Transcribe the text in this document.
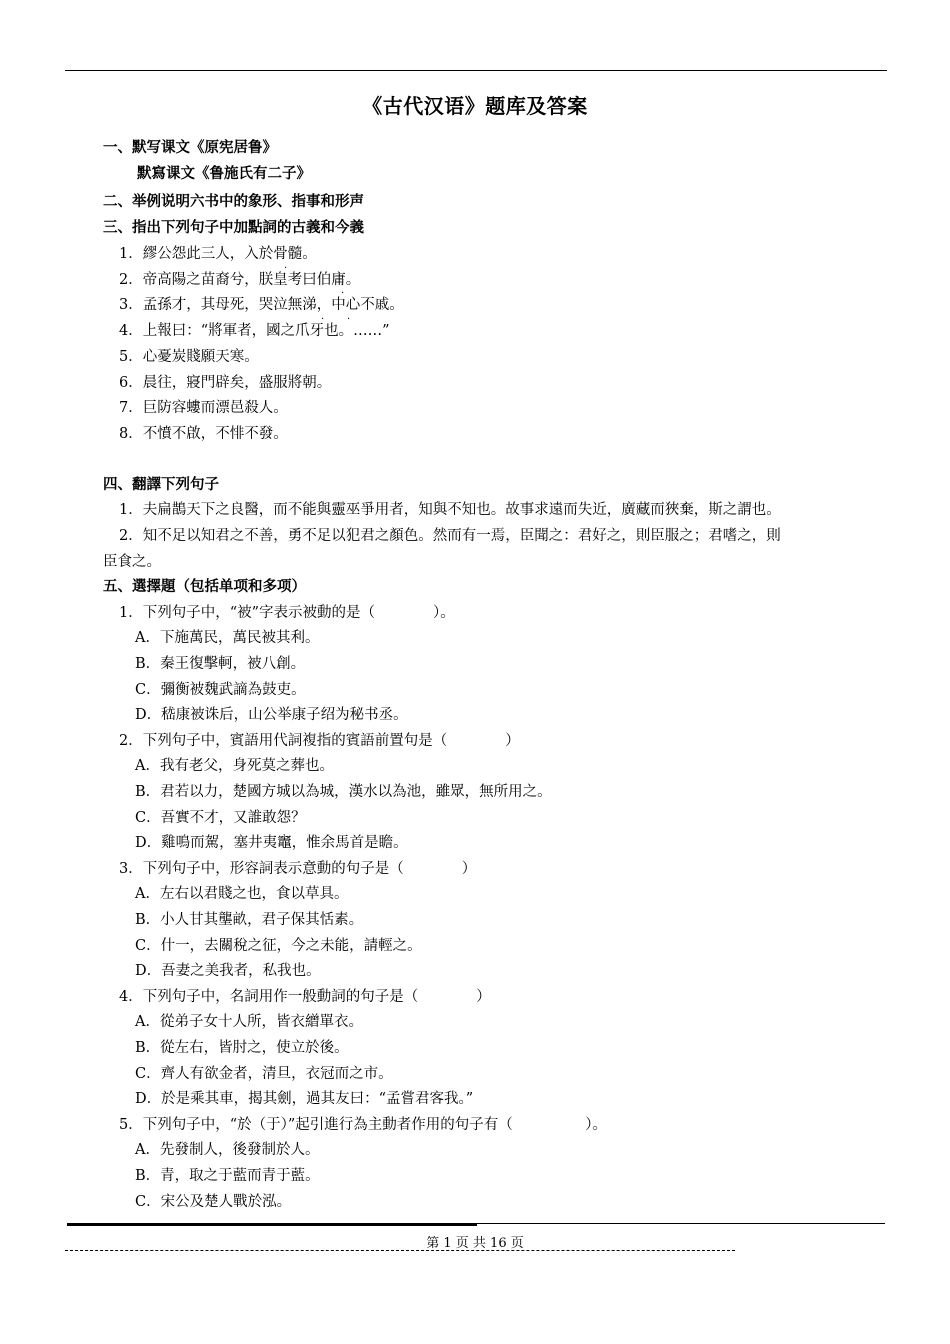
《古代汉语》题库及答案
一、默写课文《原宪居鲁》
默寫课文《鲁施氏有二子》
二、举例说明六书中的象形、指事和形声
三、指出下列句子中加點詞的古義和今義
1．繆公怨此三人，入於骨髓。
2．帝高陽之苗裔兮，朕皇考曰伯庸。
·
3．孟孫才，其母死，哭泣無涕，中心不戚。
·
4．上報曰：“將軍者，國之爪牙也。……”
· ·
5．心憂炭賤願天寒。
6．晨往，寢門辟矣，盛服將朝。
7．巨防容螻而漂邑殺人。
8．不憤不啟，不悱不發。
四、翻譯下列句子
1．夫扁鵲天下之良醫，而不能與靈巫爭用者，知與不知也。故事求遠而失近，廣藏而狹棄，斯之謂也。
2．知不足以知君之不善，勇不足以犯君之顏色。然而有一焉，臣聞之：君好之，則臣服之；君嗜之，則
臣食之。
五、選擇題（包括单项和多项）
1．下列句子中，“被”字表示被動的是（　　　　）。
A．下施萬民，萬民被其利。
B．秦王復擊軻，被八創。
C．彌衡被魏武謫為鼓吏。
D．嵇康被诛后，山公举康子绍为秘书丞。
2．下列句子中，賓語用代詞複指的賓語前置句是（　　　　）
A．我有老父，身死莫之葬也。
B．君若以力，楚國方城以為城，漢水以為池，雖眾，無所用之。
C．吾實不才，又誰敢怨？
D．雞鳴而駕，塞井夷竈，惟余馬首是瞻。
3．下列句子中，形容詞表示意動的句子是（　　　　）
A．左右以君賤之也，食以草具。
B．小人甘其壟畝，君子保其恬素。
C．什一，去關稅之征，今之未能，請輕之。
D．吾妻之美我者，私我也。
4．下列句子中，名詞用作一般動詞的句子是（　　　　）
A．從弟子女十人所，皆衣繒單衣。
B．從左右，皆肘之，使立於後。
C．齊人有欲金者，清旦，衣冠而之市。
D．於是乘其車，揭其劍，過其友曰：“孟嘗君客我。”
5．下列句子中，“於（于）”起引進行為主動者作用的句子有（　　　　　）。
A．先發制人，後發制於人。
B．青，取之于藍而青于藍。
C．宋公及楚人戰於泓。
第 1 页 共 16 页
